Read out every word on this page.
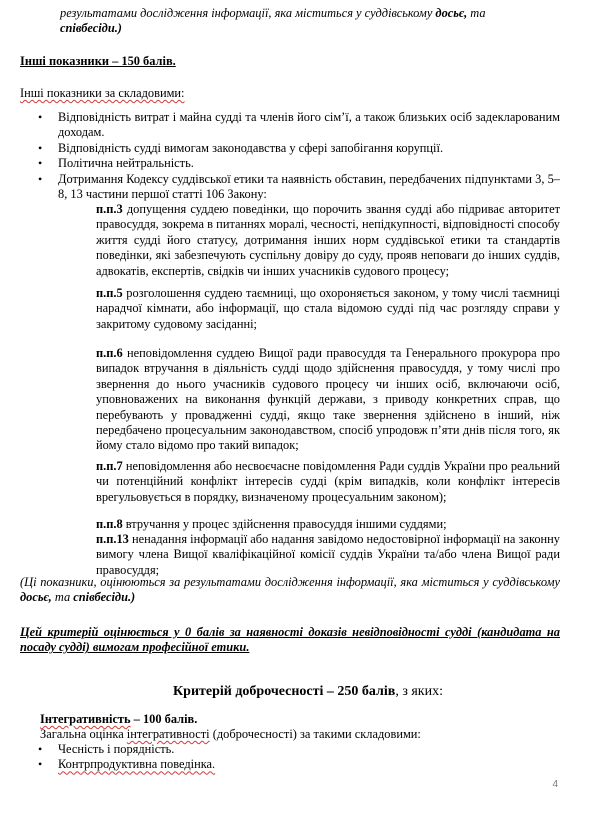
результатами дослідження інформації, яка міститься у суддівському досьє, та
співбесіди.)

Інші показники – 150 балів.

Інші показники за складовими:

• Відповідність витрат і майна судді та членів його сім’ї, а також близьких осіб задекларованим доходам.
• Відповідність судді вимогам законодавства у сфері запобігання корупції.
• Політична нейтральність.
• Дотримання Кодексу суддівської етики та наявність обставин, передбачених підпунктами 3, 5–8, 13 частини першої статті 106 Закону:

п.п.3 допущення суддею поведінки, що порочить звання судді або підриває авторитет правосуддя, зокрема в питаннях моралі, чесності, непідкупності, відповідності способу життя судді його статусу, дотримання інших норм суддівської етики та стандартів поведінки, які забезпечують суспільну довіру до суду, прояв неповаги до інших суддів, адвокатів, експертів, свідків чи інших учасників судового процесу;

п.п.5 розголошення суддею таємниці, що охороняється законом, у тому числі таємниці нарадчої кімнати, або інформації, що стала відомою судді під час розгляду справи у закритому судовому засіданні;

п.п.6 неповідомлення суддею Вищої ради правосуддя та Генерального прокурора про випадок втручання в діяльність судді щодо здійснення правосуддя, у тому числі про звернення до нього учасників судового процесу чи інших осіб, включаючи осіб, уповноважених на виконання функцій держави, з приводу конкретних справ, що перебувають у провадженні судді, якщо таке звернення здійснено в інший, ніж передбачено процесуальним законодавством, спосіб упродовж п’яти днів після того, як йому стало відомо про такий випадок;

п.п.7 неповідомлення або несвоєчасне повідомлення Ради суддів України про реальний чи потенційний конфлікт інтересів судді (крім випадків, коли конфлікт інтересів врегульовується в порядку, визначеному процесуальним законом);

п.п.8 втручання у процес здійснення правосуддя іншими суддями;

п.п.13 ненадання інформації або надання завідомо недостовірної інформації на законну вимогу члена Вищої кваліфікаційної комісії суддів України та/або члена Вищої ради правосуддя;

(Ці показники, оцінюються за результатами дослідження інформації, яка міститься у суддівському досьє, та співбесіди.)

Цей критерій оцінюється у 0 балів за наявності доказів невідповідності судді (кандидата на посаду судді) вимогам професійної етики.

Критерій доброчесності – 250 балів, з яких:

Інтегративність – 100 балів.

Загальна оцінка інтегративності (доброчесності) за такими складовими:

• Чесність і порядність.
• Контрпродуктивна поведінка.
4
